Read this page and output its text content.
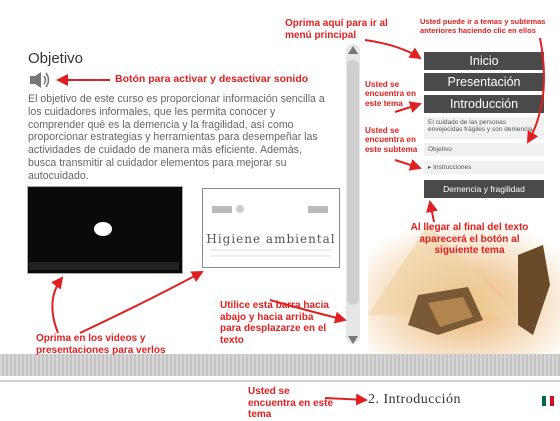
Objetivo
El objetivo de este curso es proporcionar información sencilla a los cuidadores informales, que les permita conocer y comprender qué es la demencia y la fragilidad, así como proporcionar estrategias y herramientas para desempeñar las actividades de cuidado de manera más eficiente. Además, busca transmitir al cuidador elementos para mejorar su autocuidado.
Higiene ambiental
Inicio
Presentación
Introducción
El cuidado de las personas envejecidas frágiles y con demencia
Objetivo
▸ Instrucciones
Demencia y fragilidad
2. Introducción
Oprima aquí para ir al menú principal
Usted puede ir a temas y subtemas anteriores haciendo clic en ellos
Botón para activar y desactivar sonido	Usted se encuentra en este tema
Usted se encuentra en este subtema
Al llegar al final del texto aparecerá el botón al siguiente tema
Utilice esta barra hacia abajo y hacia arriba para desplazarze en el texto
Oprima en los videos y presentaciones para verlos
Usted se encuentra en este tema
